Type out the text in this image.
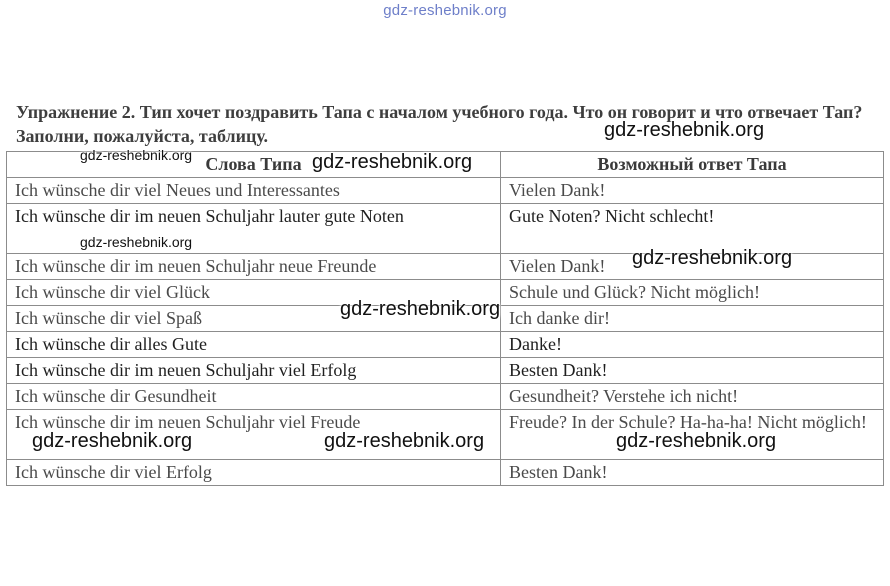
gdz-reshebnik.org
Упражнение 2. Тип хочет поздравить Тапа с началом учебного года. Что он говорит и что отвечает Тап? Заполни, пожалуйста, таблицу.
Слова Типа	Возможный ответ Тапа
Ich wünsche dir viel Neues und Interessantes	Vielen Dank!
Ich wünsche dir im neuen Schuljahr lauter gute Noten	Gute Noten? Nicht schlecht!
Ich wünsche dir im neuen Schuljahr neue Freunde	Vielen Dank!
Ich wünsche dir viel Glück	Schule und Glück? Nicht möglich!
Ich wünsche dir viel Spaß	Ich danke dir!
Ich wünsche dir alles Gute	Danke!
Ich wünsche dir im neuen Schuljahr viel Erfolg	Besten Dank!
Ich wünsche dir Gesundheit	Gesundheit? Verstehe ich nicht!
Ich wünsche dir im neuen Schuljahr viel Freude	Freude? In der Schule? Ha-ha-ha! Nicht möglich!
Ich wünsche dir viel Erfolg	Besten Dank!
gdz-reshebnik.org
gdz-reshebnik.org	gdz-reshebnik.org
gdz-reshebnik.org
gdz-reshebnik.org
gdz-reshebnik.org
gdz-reshebnik.org	gdz-reshebnik.org	gdz-reshebnik.org
